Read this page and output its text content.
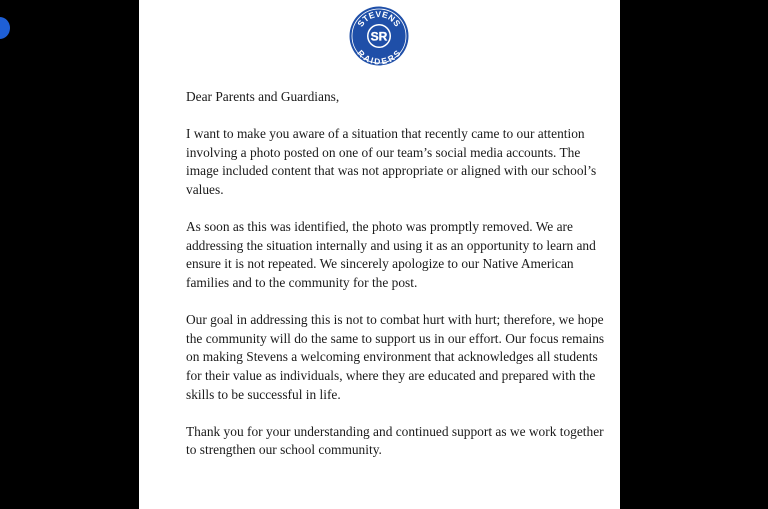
STEVENS
RAIDERS
SR

Dear Parents and Guardians,

I want to make you aware of a situation that recently came to our attention involving a photo posted on one of our team’s social media accounts. The image included content that was not appropriate or aligned with our school’s values.

As soon as this was identified, the photo was promptly removed. We are addressing the situation internally and using it as an opportunity to learn and ensure it is not repeated. We sincerely apologize to our Native American families and to the community for the post.

Our goal in addressing this is not to combat hurt with hurt; therefore, we hope the community will do the same to support us in our effort. Our focus remains on making Stevens a welcoming environment that acknowledges all students for their value as individuals, where they are educated and prepared with the skills to be successful in life.

Thank you for your understanding and continued support as we work together to strengthen our school community.
